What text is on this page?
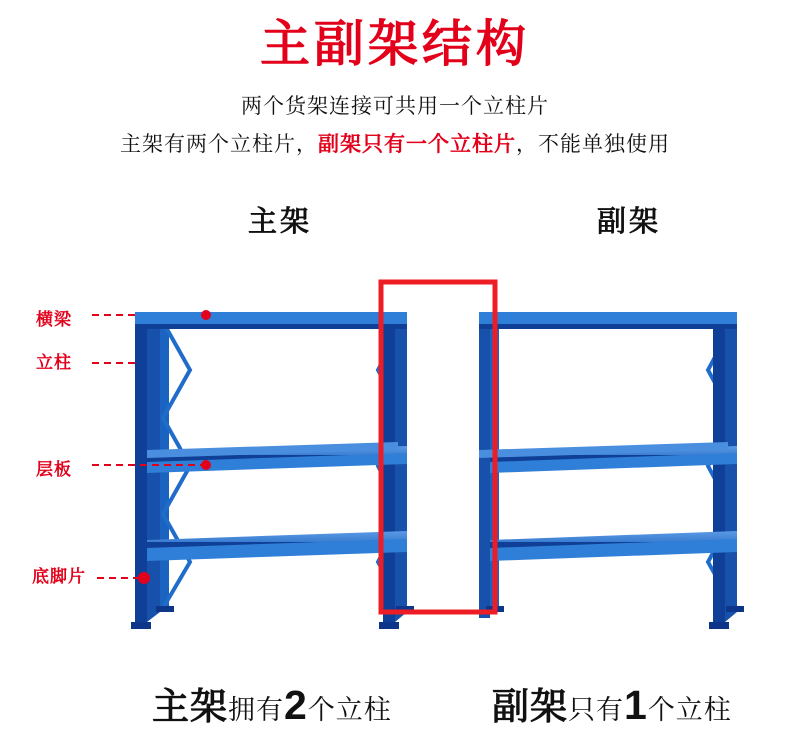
主副架结构
两个货架连接可共用一个立柱片
主架有两个立柱片，副架只有一个立柱片，不能单独使用
主架	副架
横梁
立柱
层板
底脚片
主架拥有2个立柱	副架只有1个立柱
